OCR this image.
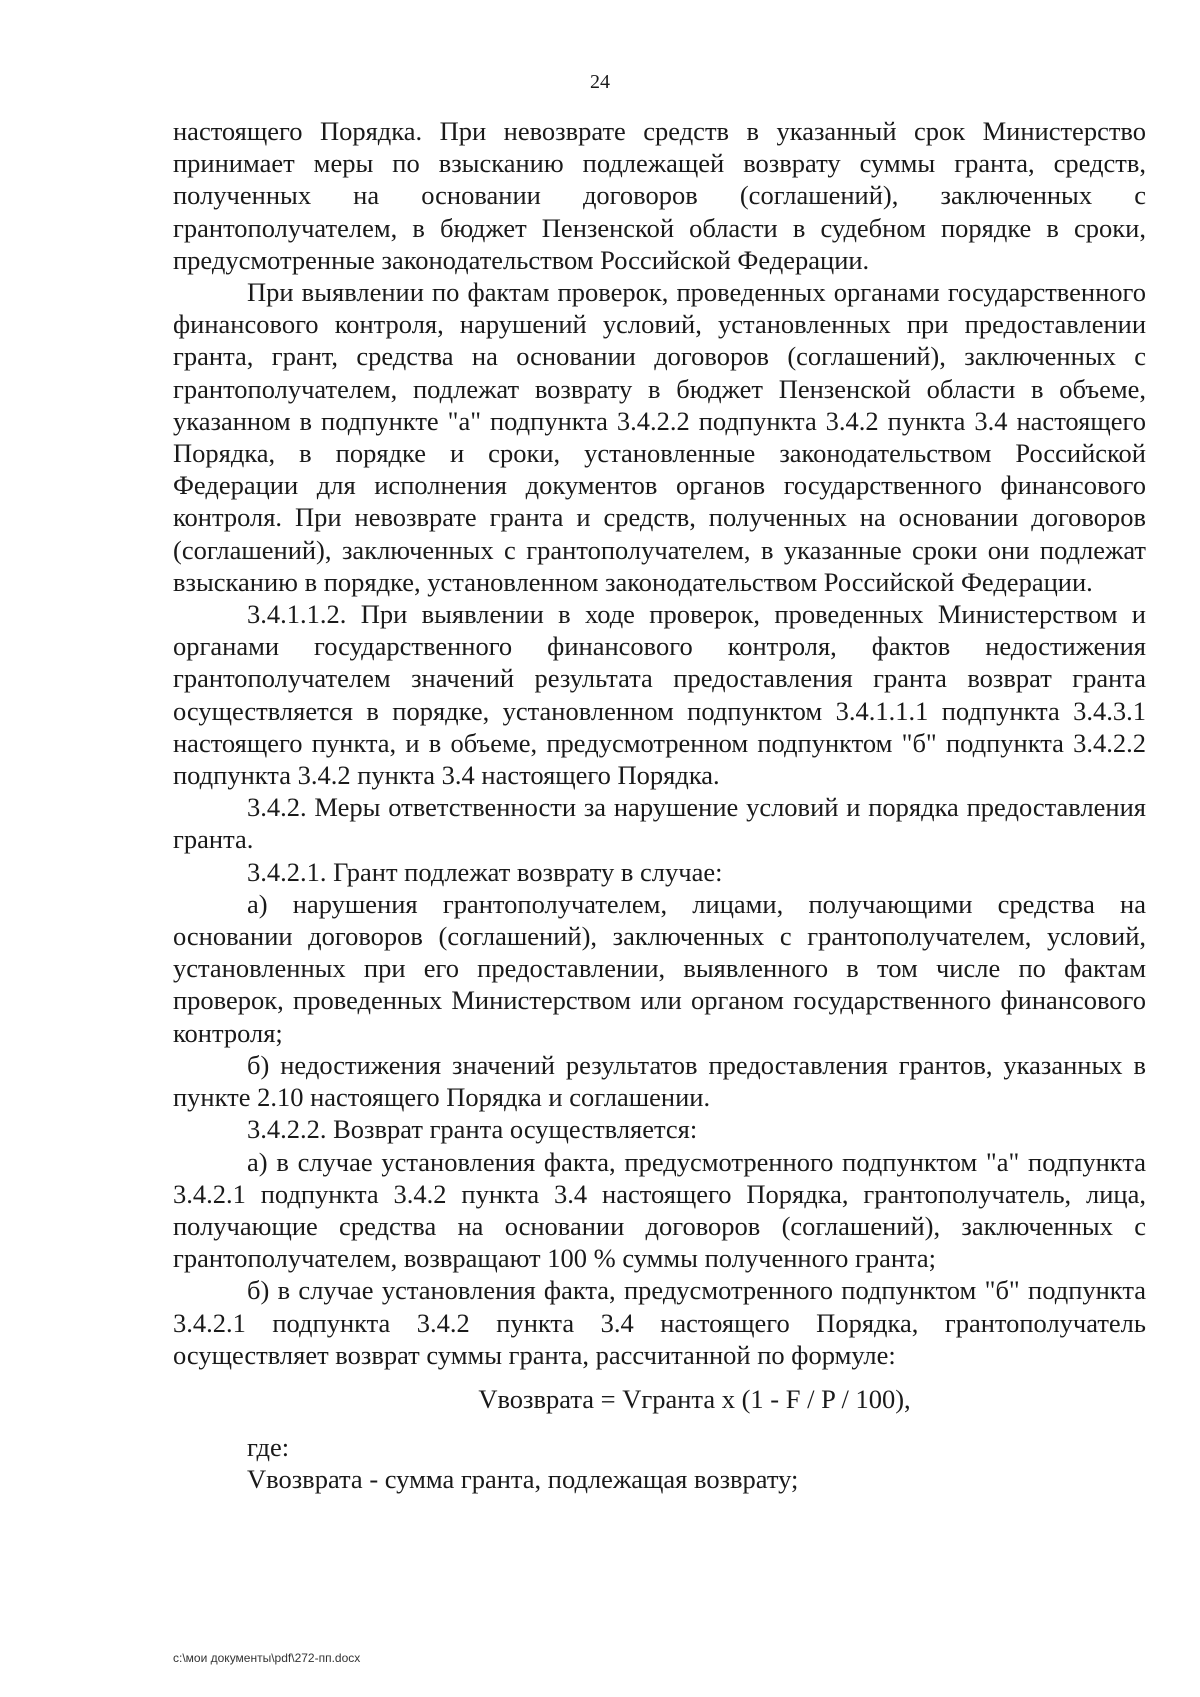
24

настоящего Порядка. При невозврате средств в указанный срок Министерство принимает меры по взысканию подлежащей возврату суммы гранта, средств, полученных на основании договоров (соглашений), заключенных с грантополучателем, в бюджет Пензенской области в судебном порядке в сроки, предусмотренные законодательством Российской Федерации.

При выявлении по фактам проверок, проведенных органами государственного финансового контроля, нарушений условий, установленных при предоставлении гранта, грант, средства на основании договоров (соглашений), заключенных с грантополучателем, подлежат возврату в бюджет Пензенской области в объеме, указанном в подпункте "а" подпункта 3.4.2.2 подпункта 3.4.2 пункта 3.4 настоящего Порядка, в порядке и сроки, установленные законодательством Российской Федерации для исполнения документов органов государственного финансового контроля. При невозврате гранта и средств, полученных на основании договоров (соглашений), заключенных с грантополучателем, в указанные сроки они подлежат взысканию в порядке, установленном законодательством Российской Федерации.

3.4.1.1.2. При выявлении в ходе проверок, проведенных Министерством и органами государственного финансового контроля, фактов недостижения грантополучателем значений результата предоставления гранта возврат гранта осуществляется в порядке, установленном подпунктом 3.4.1.1.1 подпункта 3.4.3.1 настоящего пункта, и в объеме, предусмотренном подпунктом "б" подпункта 3.4.2.2 подпункта 3.4.2 пункта 3.4 настоящего Порядка.

3.4.2. Меры ответственности за нарушение условий и порядка предоставления гранта.

3.4.2.1. Грант подлежат возврату в случае:

а) нарушения грантополучателем, лицами, получающими средства на основании договоров (соглашений), заключенных с грантополучателем, условий, установленных при его предоставлении, выявленного в том числе по фактам проверок, проведенных Министерством или органом государственного финансового контроля;

б) недостижения значений результатов предоставления грантов, указанных в пункте 2.10 настоящего Порядка и соглашении.

3.4.2.2. Возврат гранта осуществляется:

а) в случае установления факта, предусмотренного подпунктом "а" подпункта 3.4.2.1 подпункта 3.4.2 пункта 3.4 настоящего Порядка, грантополучатель, лица, получающие средства на основании договоров (соглашений), заключенных с грантополучателем, возвращают 100 % суммы полученного гранта;

б) в случае установления факта, предусмотренного подпунктом "б" подпункта 3.4.2.1 подпункта 3.4.2 пункта 3.4 настоящего Порядка, грантополучатель осуществляет возврат суммы гранта, рассчитанной по формуле:

Vвозврата = Vгранта x (1 - F / P / 100),

где:

Vвозврата - сумма гранта, подлежащая возврату;

c:\мои документы\pdf\272-пп.docx
